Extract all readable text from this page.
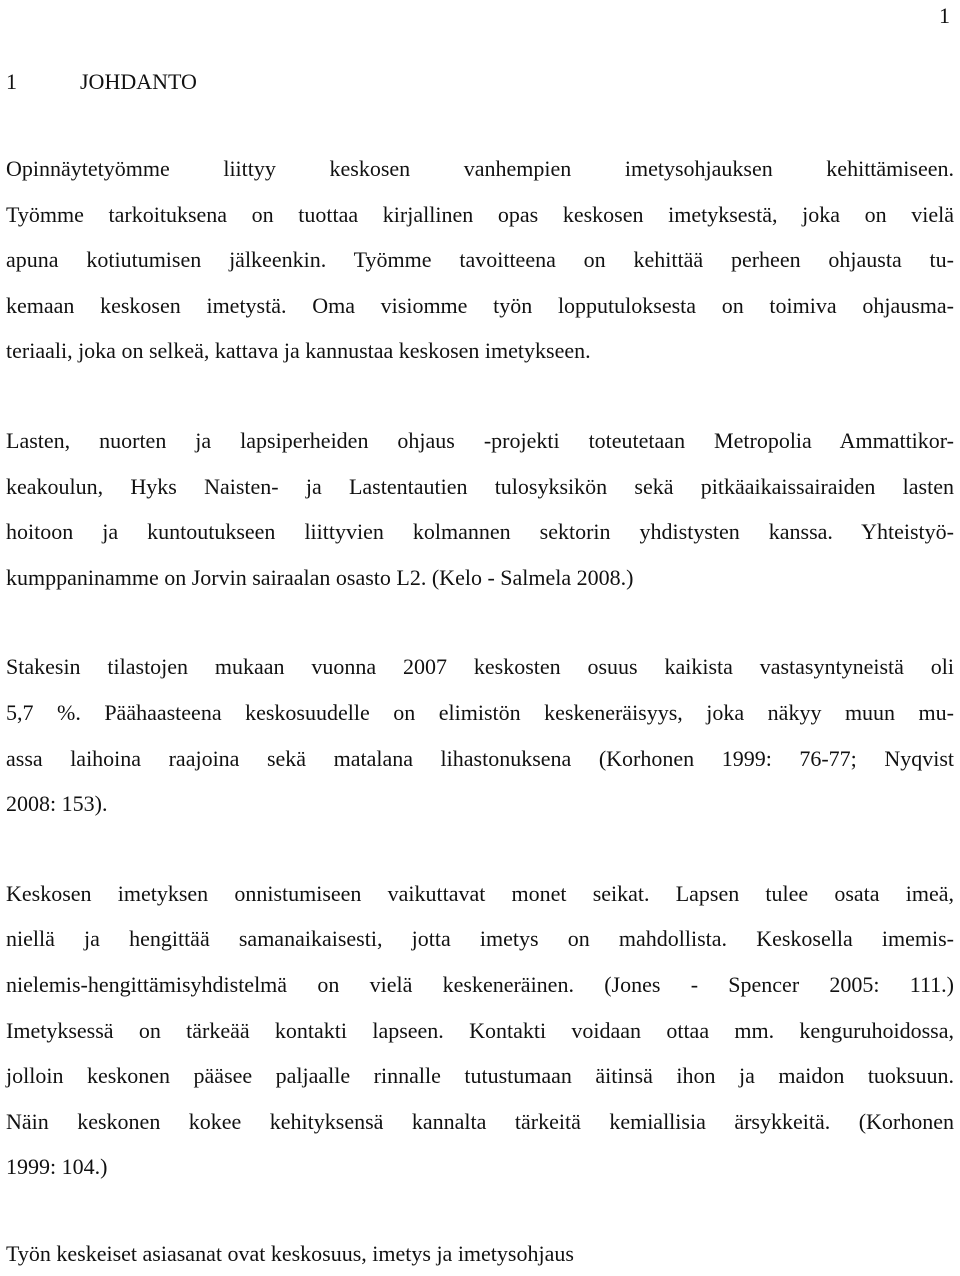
1
1	JOHDANTO

Opinnäytetyömme liittyy keskosen vanhempien imetysohjauksen kehittämiseen.
Työmme tarkoituksena on tuottaa kirjallinen opas keskosen imetyksestä, joka on vielä
apuna kotiutumisen jälkeenkin. Työmme tavoitteena on kehittää perheen ohjausta tu-
kemaan keskosen imetystä. Oma visiomme työn lopputuloksesta on toimiva ohjausma-
teriaali, joka on selkeä, kattava ja kannustaa keskosen imetykseen.

Lasten, nuorten ja lapsiperheiden ohjaus -projekti toteutetaan Metropolia Ammattikor-
keakoulun, Hyks Naisten- ja Lastentautien tulosyksikön sekä pitkäaikaissairaiden lasten
hoitoon ja kuntoutukseen liittyvien kolmannen sektorin yhdistysten kanssa. Yhteistyö-
kumppaninamme on Jorvin sairaalan osasto L2. (Kelo - Salmela 2008.)

Stakesin tilastojen mukaan vuonna 2007 keskosten osuus kaikista vastasyntyneistä oli
5,7 %. Päähaasteena keskosuudelle on elimistön keskeneräisyys, joka näkyy muun mu-
assa laihoina raajoina sekä matalana lihastonuksena (Korhonen 1999: 76-77; Nyqvist
2008: 153).

Keskosen imetyksen onnistumiseen vaikuttavat monet seikat. Lapsen tulee osata imeä,
niellä ja hengittää samanaikaisesti, jotta imetys on mahdollista. Keskosella imemis-
nielemis-hengittämisyhdistelmä on vielä keskeneräinen. (Jones - Spencer 2005: 111.)
Imetyksessä on tärkeää kontakti lapseen. Kontakti voidaan ottaa mm. kenguruhoidossa,
jolloin keskonen pääsee paljaalle rinnalle tutustumaan äitinsä ihon ja maidon tuoksuun.
Näin keskonen kokee kehityksensä kannalta tärkeitä kemiallisia ärsykkeitä. (Korhonen
1999: 104.)

Työn keskeiset asiasanat ovat keskosuus, imetys ja imetysohjaus
